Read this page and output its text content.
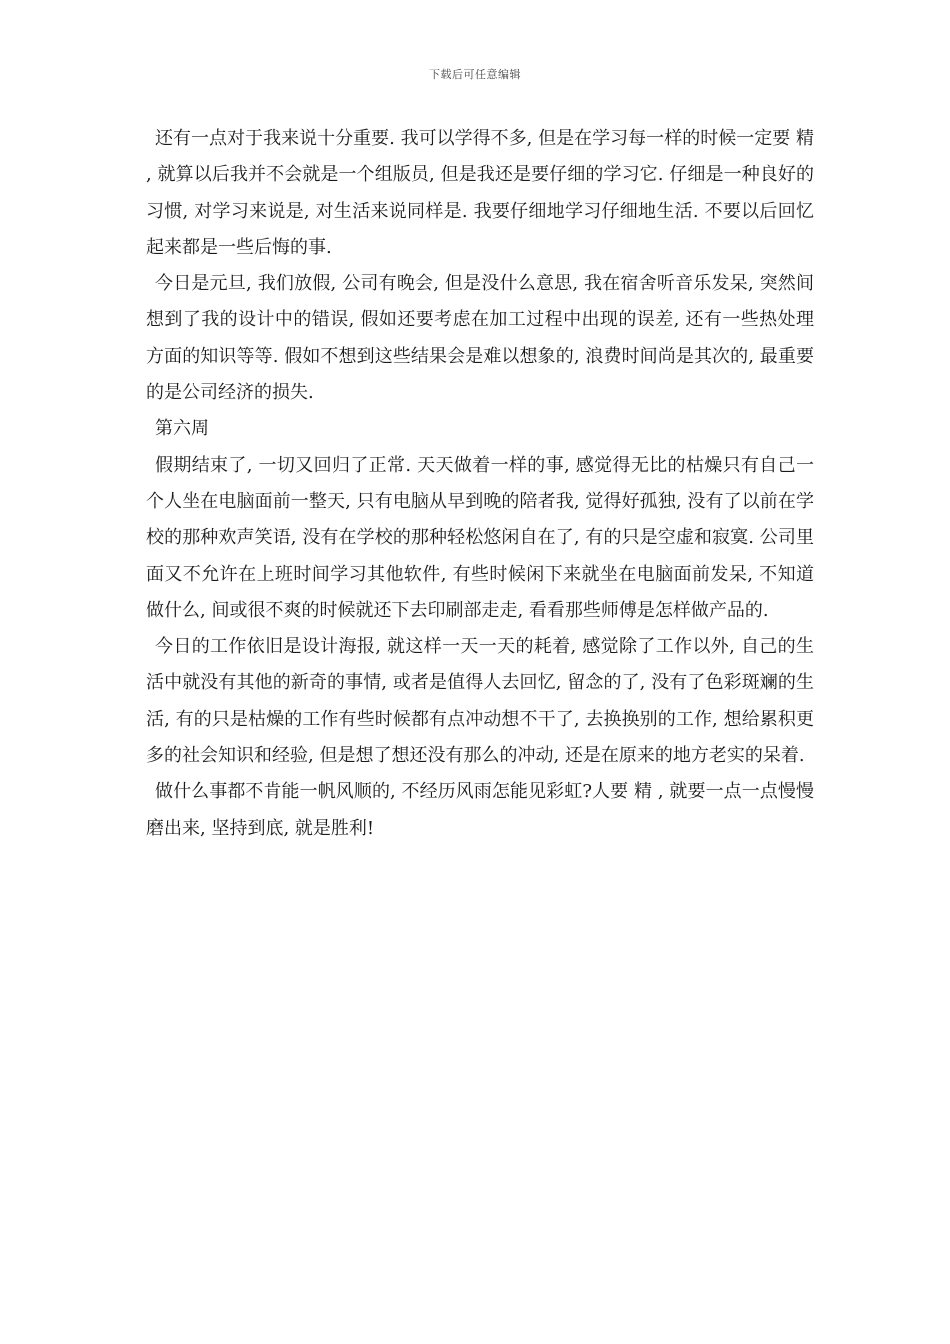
下载后可任意编辑

还有一点对于我来说十分重要. 我可以学得不多, 但是在学习每一样的时候一定要 精 , 就算以后我并不会就是一个组版员, 但是我还是要仔细的学习它. 仔细是一种良好的习惯, 对学习来说是, 对生活来说同样是. 我要仔细地学习仔细地生活. 不要以后回忆起来都是一些后悔的事.

今日是元旦, 我们放假, 公司有晚会, 但是没什么意思, 我在宿舍听音乐发呆, 突然间想到了我的设计中的错误, 假如还要考虑在加工过程中出现的误差, 还有一些热处理方面的知识等等. 假如不想到这些结果会是难以想象的, 浪费时间尚是其次的, 最重要的是公司经济的损失.

第六周

假期结束了, 一切又回归了正常. 天天做着一样的事, 感觉得无比的枯燥只有自己一个人坐在电脑面前一整天, 只有电脑从早到晚的陪者我, 觉得好孤独, 没有了以前在学校的那种欢声笑语, 没有在学校的那种轻松悠闲自在了, 有的只是空虚和寂寞. 公司里面又不允许在上班时间学习其他软件, 有些时候闲下来就坐在电脑面前发呆, 不知道做什么, 间或很不爽的时候就还下去印刷部走走, 看看那些师傅是怎样做产品的.

今日的工作依旧是设计海报, 就这样一天一天的耗着, 感觉除了工作以外, 自己的生活中就没有其他的新奇的事情, 或者是值得人去回忆, 留念的了, 没有了色彩斑斓的生活, 有的只是枯燥的工作有些时候都有点冲动想不干了, 去换换别的工作, 想给累积更多的社会知识和经验, 但是想了想还没有那么的冲动, 还是在原来的地方老实的呆着.

做什么事都不肯能一帆风顺的, 不经历风雨怎能见彩虹?人要 精 , 就要一点一点慢慢磨出来, 坚持到底, 就是胜利!
